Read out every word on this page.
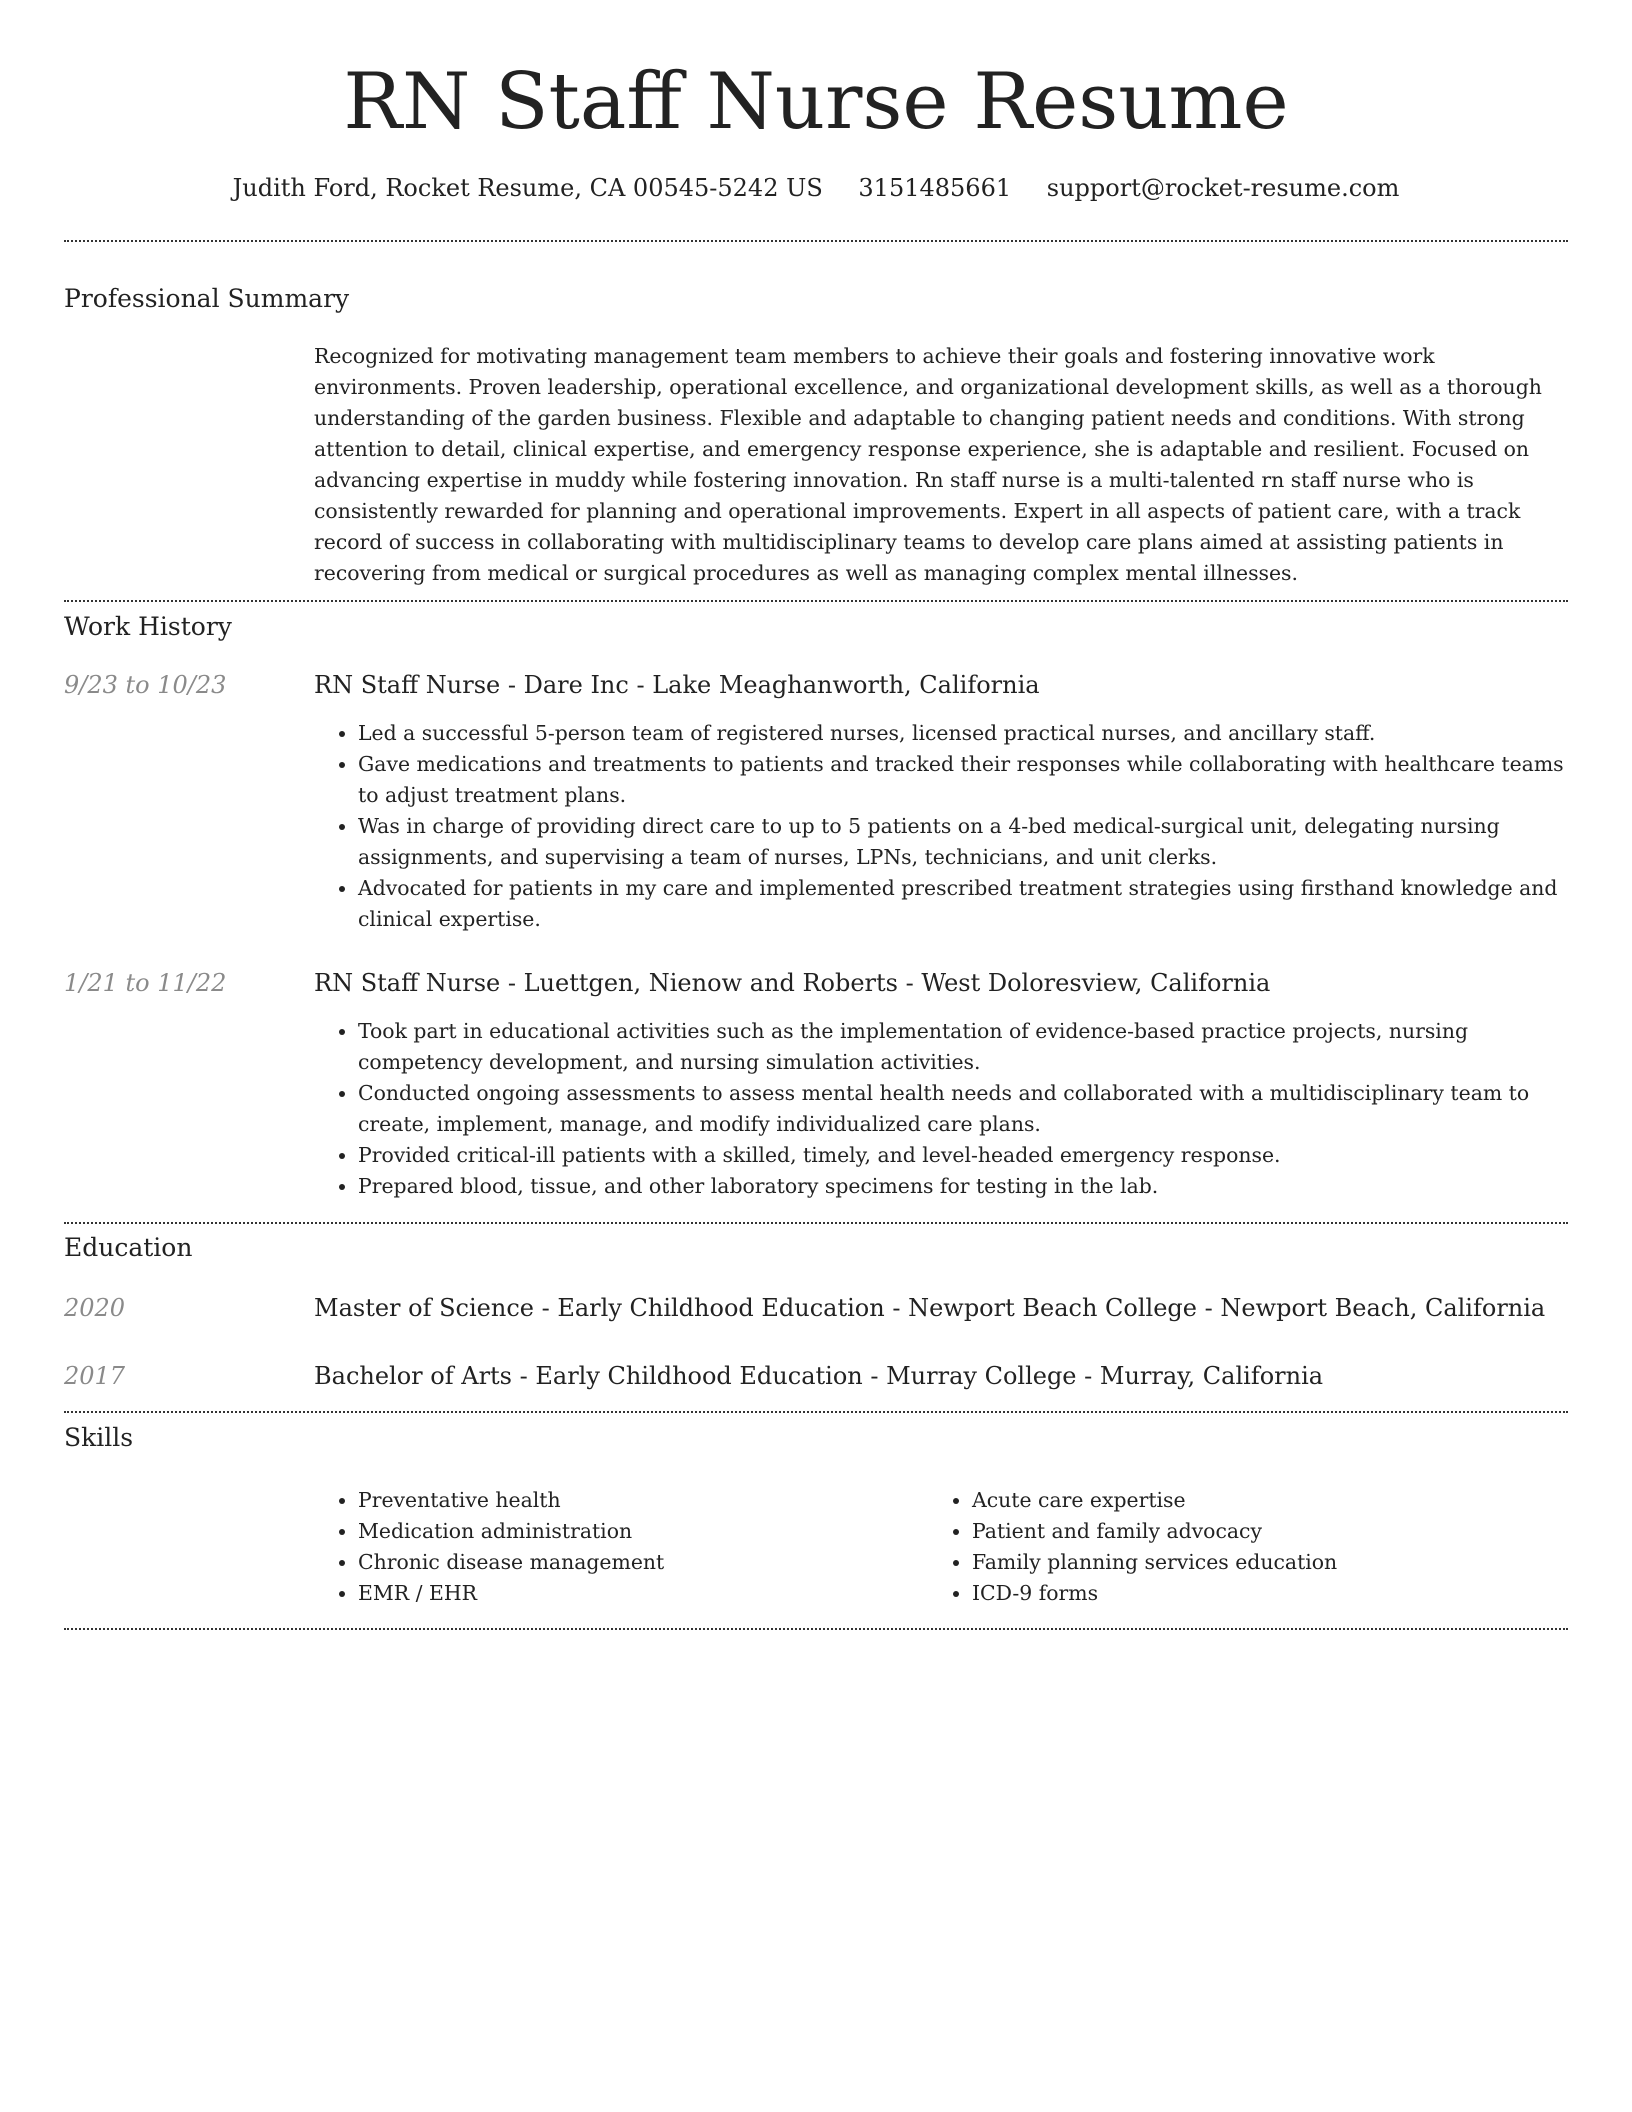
RN Staff Nurse Resume
Judith Ford, Rocket Resume, CA 00545-5242 US 3151485661 support@rocket-resume.com
Professional Summary

Recognized for motivating management team members to achieve their goals and fostering innovative work environments. Proven leadership, operational excellence, and organizational development skills, as well as a thorough understanding of the garden business. Flexible and adaptable to changing patient needs and conditions. With strong attention to detail, clinical expertise, and emergency response experience, she is adaptable and resilient. Focused on advancing expertise in muddy while fostering innovation. Rn staff nurse is a multi-talented rn staff nurse who is consistently rewarded for planning and operational improvements. Expert in all aspects of patient care, with a track record of success in collaborating with multidisciplinary teams to develop care plans aimed at assisting patients in recovering from medical or surgical procedures as well as managing complex mental illnesses.

Work History
9/23 to 10/23	RN Staff Nurse - Dare Inc - Lake Meaghanworth, California
• Led a successful 5-person team of registered nurses, licensed practical nurses, and ancillary staff.
• Gave medications and treatments to patients and tracked their responses while collaborating with healthcare teams to adjust treatment plans.
• Was in charge of providing direct care to up to 5 patients on a 4-bed medical-surgical unit, delegating nursing assignments, and supervising a team of nurses, LPNs, technicians, and unit clerks.
• Advocated for patients in my care and implemented prescribed treatment strategies using firsthand knowledge and clinical expertise.
1/21 to 11/22	RN Staff Nurse - Luettgen, Nienow and Roberts - West Doloresview, California
• Took part in educational activities such as the implementation of evidence-based practice projects, nursing competency development, and nursing simulation activities.
• Conducted ongoing assessments to assess mental health needs and collaborated with a multidisciplinary team to create, implement, manage, and modify individualized care plans.
• Provided critical-ill patients with a skilled, timely, and level-headed emergency response.
• Prepared blood, tissue, and other laboratory specimens for testing in the lab.
Education
2020	Master of Science - Early Childhood Education - Newport Beach College - Newport Beach, California
2017	Bachelor of Arts - Early Childhood Education - Murray College - Murray, California
Skills
• Preventative health
• Medication administration
• Chronic disease management
• EMR / EHR
• Acute care expertise
• Patient and family advocacy
• Family planning services education
• ICD-9 forms
